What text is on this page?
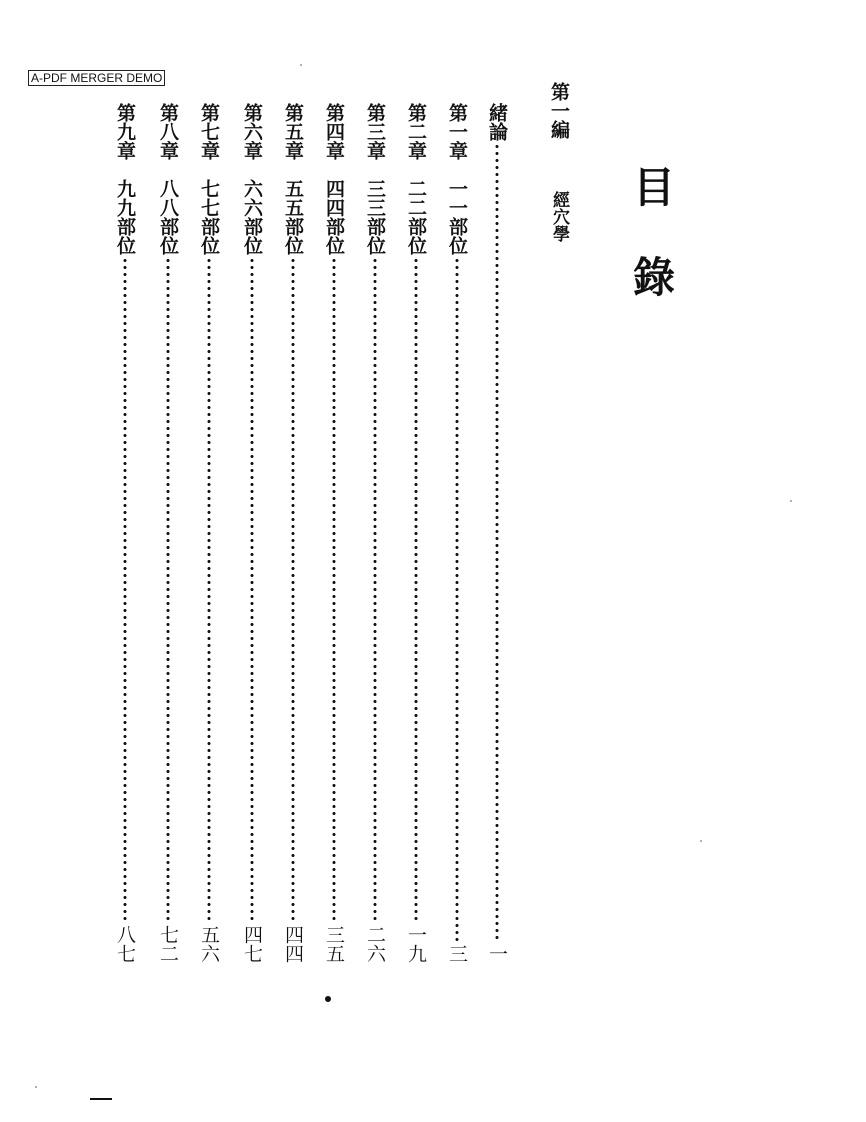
A-PDF MERGER DEMO
目錄
第一編經穴學
緒論
一
第一章　一一部位
三
第二章　二二部位
一九
第三章　三三部位
二六
第四章　四四部位
三五
第五章　五五部位
四四
第六章　六六部位
四七
第七章　七七部位
五六
第八章　八八部位
七二
第九章　九九部位
八七
